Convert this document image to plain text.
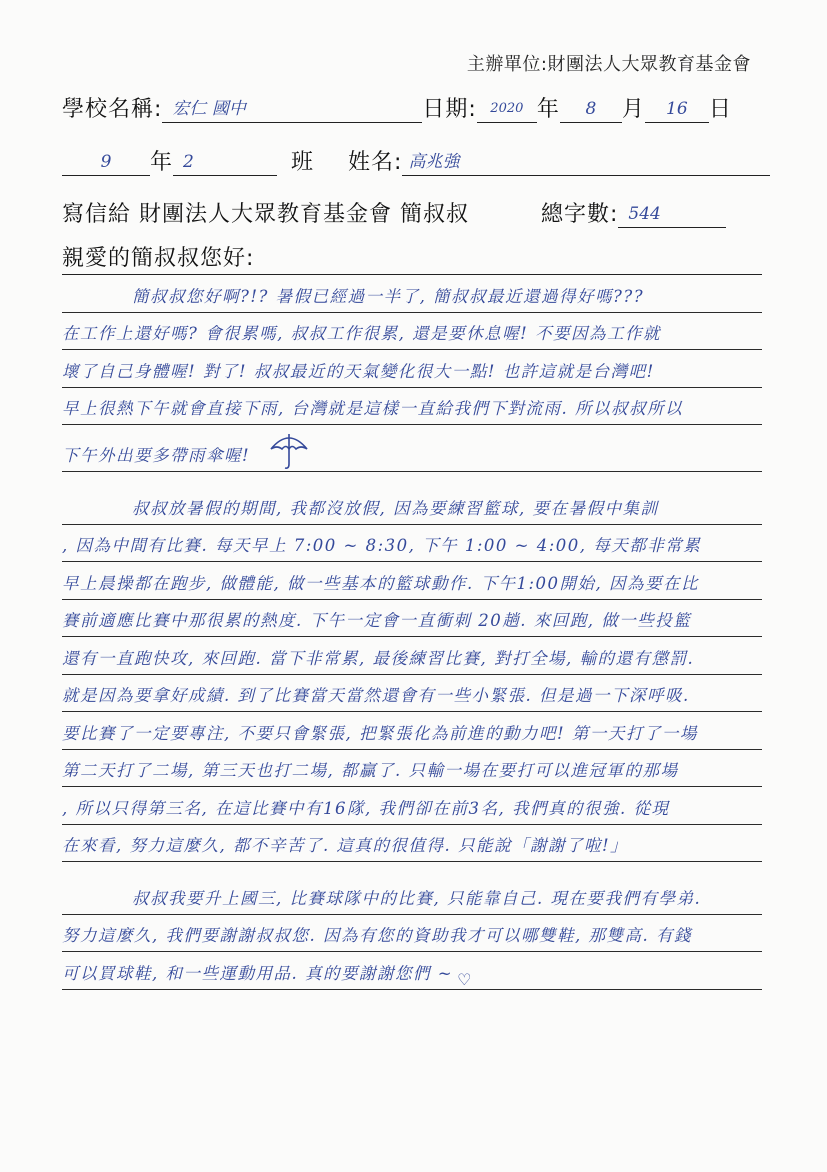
主辦單位:財團法人大眾教育基金會
學校名稱: 宏仁 國中	日期: 2020 年 8 月 16 日
9 年 2	班 姓名: 高兆強
寫信給 財團法人大眾教育基金會 簡叔叔	總字數: 544
親愛的簡叔叔您好:
簡叔叔您好啊?!? 暑假已經過一半了, 簡叔叔最近還過得好嗎???
在工作上還好嗎? 會很累嗎, 叔叔工作很累, 還是要休息喔! 不要因為工作就
壞了自己身體喔! 對了! 叔叔最近的天氣變化很大一點! 也許這就是台灣吧!
早上很熱下午就會直接下雨, 台灣就是這樣一直給我們下對流雨. 所以叔叔所以
下午外出要多帶雨傘喔!
叔叔放暑假的期間, 我都沒放假, 因為要練習籃球, 要在暑假中集訓
, 因為中間有比賽. 每天早上 7:00 ~ 8:30, 下午 1:00 ~ 4:00, 每天都非常累
早上晨操都在跑步, 做體能, 做一些基本的籃球動作. 下午1:00開始, 因為要在比
賽前適應比賽中那很累的熱度. 下午一定會一直衝刺 20趟. 來回跑, 做一些投籃
還有一直跑快攻, 來回跑. 當下非常累, 最後練習比賽, 對打全場, 輸的還有懲罰.
就是因為要拿好成績. 到了比賽當天當然還會有一些小緊張. 但是過一下深呼吸.
要比賽了一定要專注, 不要只會緊張, 把緊張化為前進的動力吧! 第一天打了一場
第二天打了二場, 第三天也打二場, 都贏了. 只輸一場在要打可以進冠軍的那場
, 所以只得第三名, 在這比賽中有16隊, 我們卻在前3名, 我們真的很強. 從現
在來看, 努力這麼久, 都不辛苦了. 這真的很值得. 只能說「謝謝了啦!」
叔叔我要升上國三, 比賽球隊中的比賽, 只能靠自己. 現在要我們有學弟.
努力這麼久, 我們要謝謝叔叔您. 因為有您的資助我才可以哪雙鞋, 那雙高. 有錢
可以買球鞋, 和一些運動用品. 真的要謝謝您們 ~ ♡
